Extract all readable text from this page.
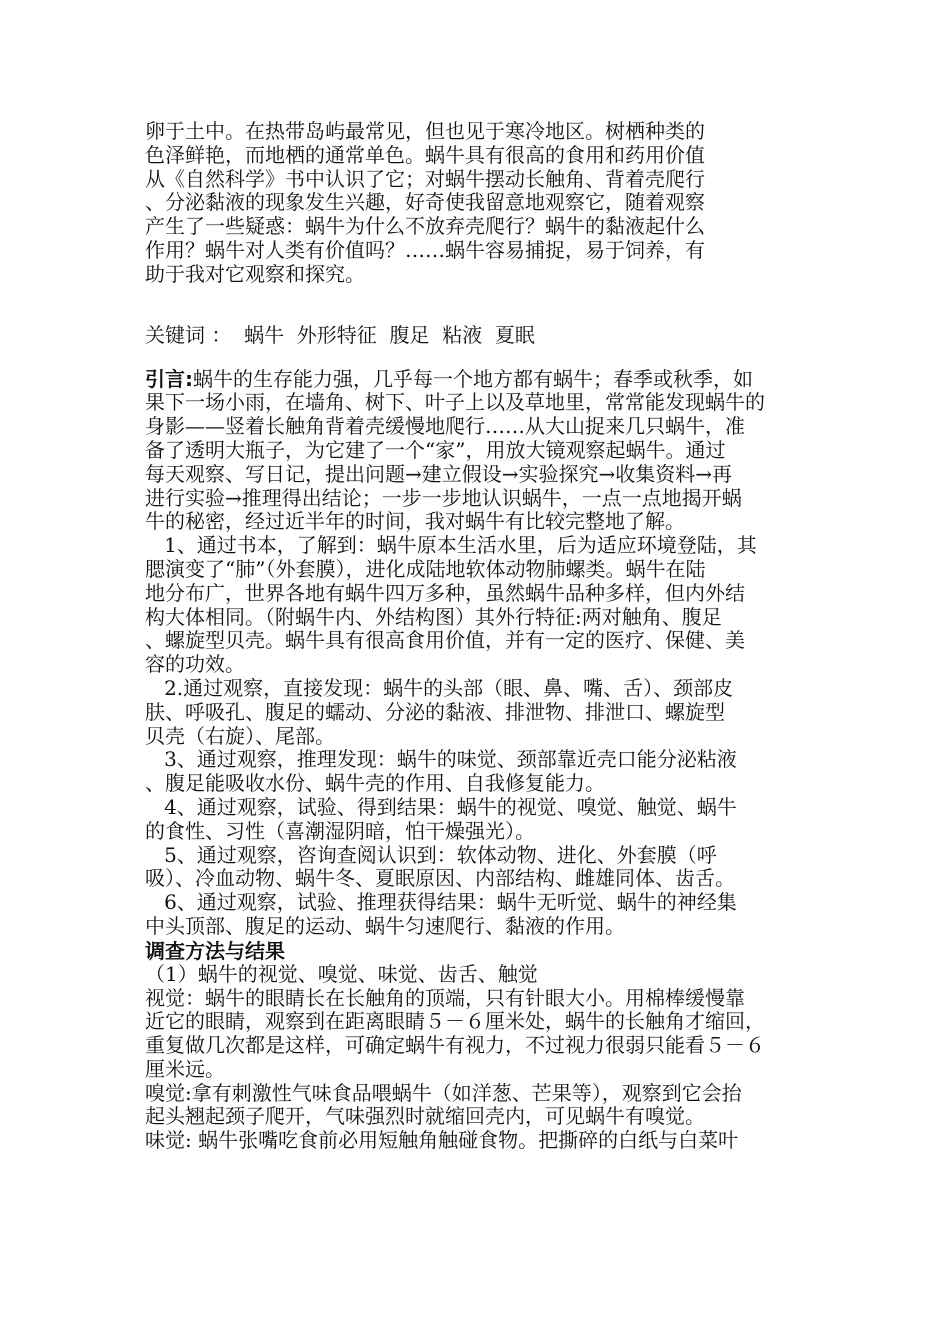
卵于土中。在热带岛屿最常见，但也见于寒冷地区。树栖种类的
色泽鲜艳，而地栖的通常单色。蜗牛具有很高的食用和药用价值
从《自然科学》书中认识了它；对蜗牛摆动长触角、背着壳爬行
、分泌黏液的现象发生兴趣，好奇使我留意地观察它，随着观察
产生了一些疑惑：蜗牛为什么不放弃壳爬行？蜗牛的黏液起什么
作用？蜗牛对人类有价值吗？……蜗牛容易捕捉，易于饲养，有
助于我对它观察和探究。
关键词 ： 蜗牛  外形特征  腹足  粘液  夏眠
引言:蜗牛的生存能力强，几乎每一个地方都有蜗牛；春季或秋季，如
果下一场小雨，在墙角、树下、叶子上以及草地里，常常能发现蜗牛的
身影——竖着长触角背着壳缓慢地爬行……从大山捉来几只蜗牛，准
备了透明大瓶子，为它建了一个“家”，用放大镜观察起蜗牛。通过
每天观察、写日记，提出问题→建立假设→实验探究→收集资料→再
进行实验→推理得出结论；一步一步地认识蜗牛，一点一点地揭开蜗
牛的秘密，经过近半年的时间，我对蜗牛有比较完整地了解。
1、通过书本，了解到：蜗牛原本生活水里，后为适应环境登陆，其
腮演变了“肺”（外套膜），进化成陆地软体动物肺螺类。蜗牛在陆
地分布广，世界各地有蜗牛四万多种，虽然蜗牛品种多样，但内外结
构大体相同。（附蜗牛内、外结构图）其外行特征:两对触角、腹足
、螺旋型贝壳。蜗牛具有很高食用价值，并有一定的医疗、保健、美
容的功效。
2.通过观察，直接发现：蜗牛的头部（眼、鼻、嘴、舌）、颈部皮
肤、呼吸孔、腹足的蠕动、分泌的黏液、排泄物、排泄口、螺旋型
贝壳（右旋）、尾部。
3、通过观察，推理发现：蜗牛的味觉、颈部靠近壳口能分泌粘液
、腹足能吸收水份、蜗牛壳的作用、自我修复能力。
4、通过观察，试验、得到结果：蜗牛的视觉、嗅觉、触觉、蜗牛
的食性、习性（喜潮湿阴暗，怕干燥强光）。
5、通过观察，咨询查阅认识到：软体动物、进化、外套膜（呼
吸）、冷血动物、蜗牛冬、夏眠原因、内部结构、雌雄同体、齿舌。
6、通过观察，试验、推理获得结果：蜗牛无听觉、蜗牛的神经集
中头顶部、腹足的运动、蜗牛匀速爬行、黏液的作用。
调查方法与结果
（1）蜗牛的视觉、嗅觉、味觉、齿舌、触觉
视觉：蜗牛的眼睛长在长触角的顶端，只有针眼大小。用棉棒缓慢靠
近它的眼睛，观察到在距离眼睛５－６厘米处，蜗牛的长触角才缩回，
重复做几次都是这样，可确定蜗牛有视力，不过视力很弱只能看５－６
厘米远。
嗅觉:拿有刺激性气味食品喂蜗牛（如洋葱、芒果等），观察到它会抬
起头翘起颈子爬开，气味强烈时就缩回壳内，可见蜗牛有嗅觉。
味觉: 蜗牛张嘴吃食前必用短触角触碰食物。把撕碎的白纸与白菜叶
